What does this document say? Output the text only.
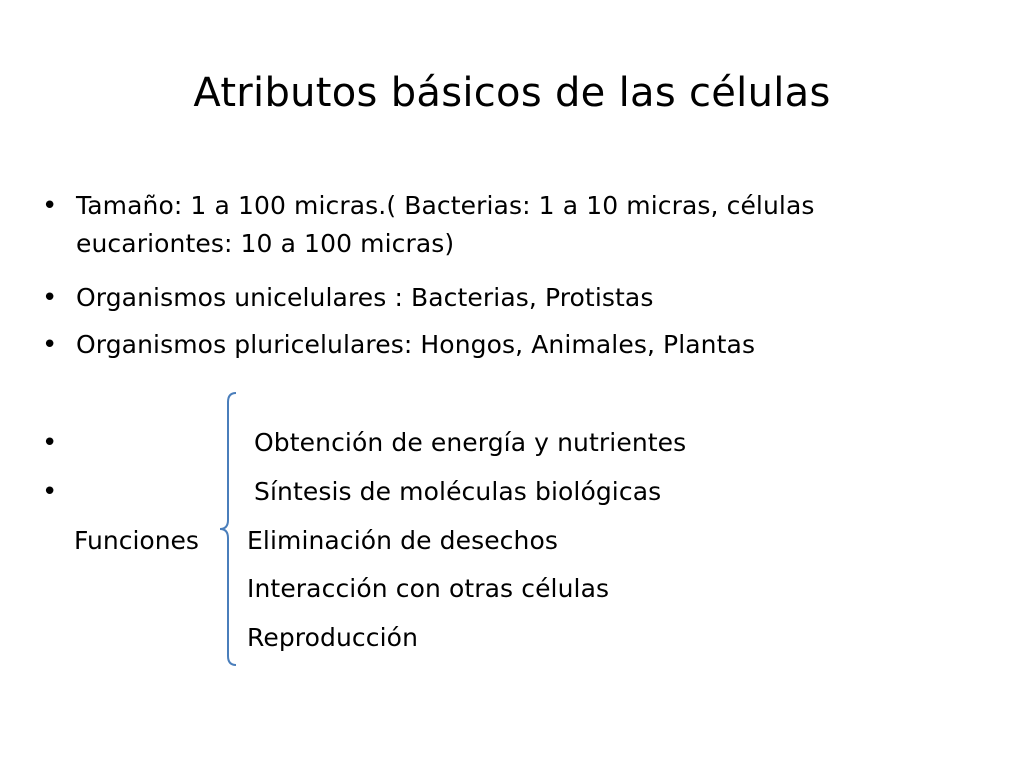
Atributos básicos de las células
• Tamaño: 1 a 100 micras.( Bacterias: 1 a 10 micras, células
eucariontes: 10 a 100 micras)
• Organismos unicelulares : Bacterias, Protistas
• Organismos pluricelulares: Hongos, Animales, Plantas
•
•
Funciones
Obtención de energía y nutrientes
Síntesis de moléculas biológicas
Eliminación de desechos
Interacción con otras células
Reproducción
